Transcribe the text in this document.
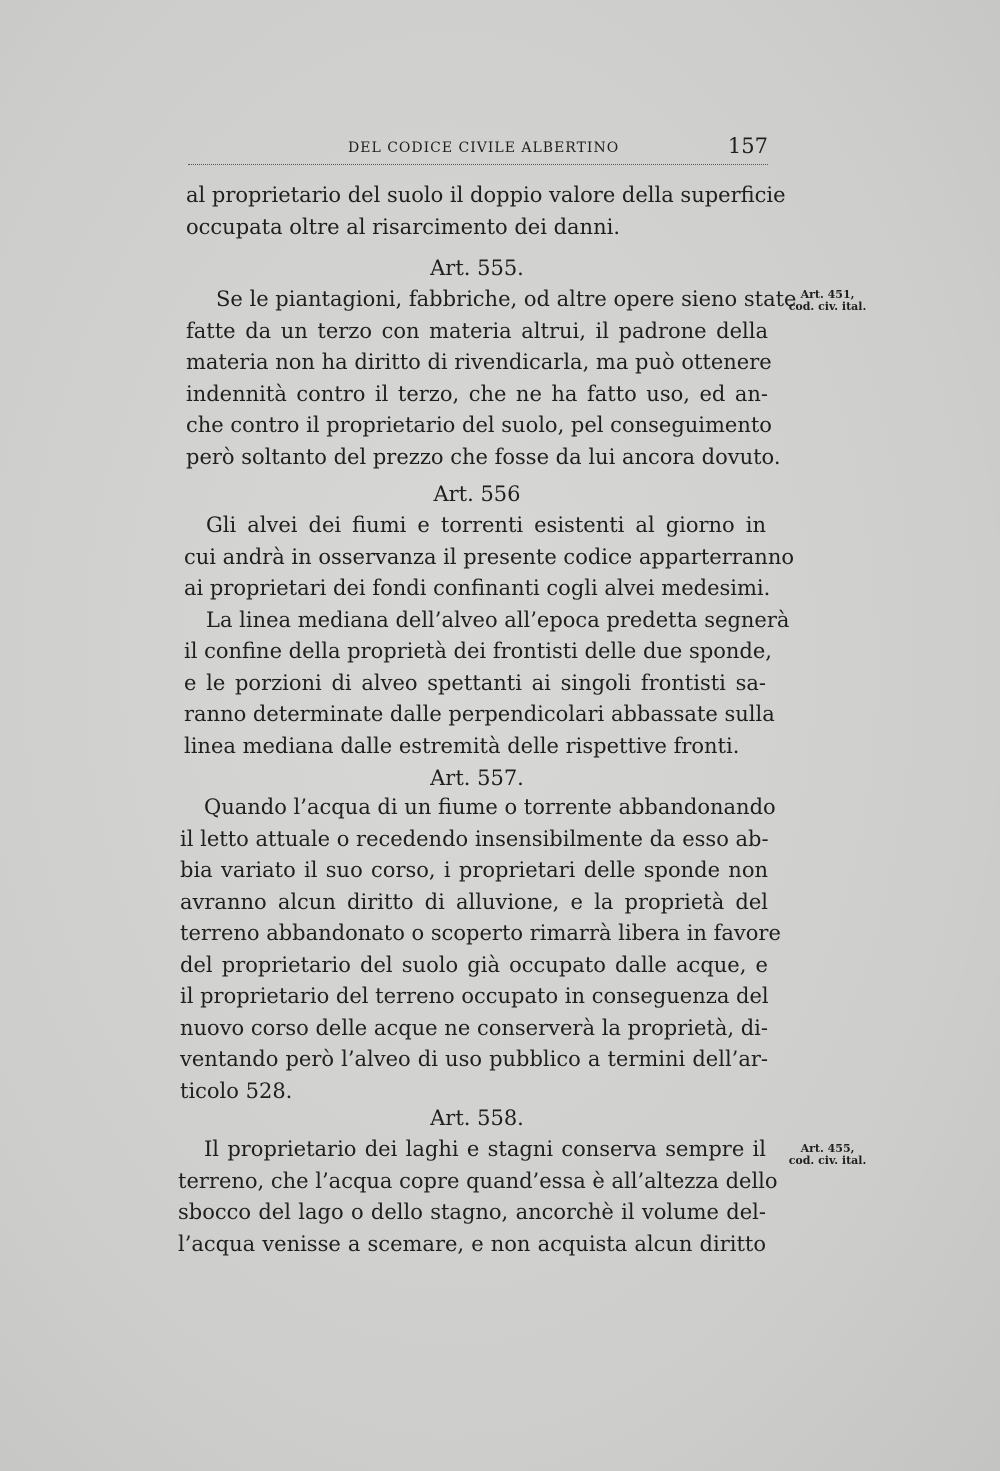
DEL CODICE CIVILE ALBERTINO	157
al proprietario del suolo il doppio valore della superficie
occupata oltre al risarcimento dei danni.
Art. 555.
Art. 451,
cod. civ. ital.
Se le piantagioni, fabbriche, od altre opere sieno state
fatte da un terzo con materia altrui, il padrone della
materia non ha diritto di rivendicarla, ma può ottenere
indennità contro il terzo, che ne ha fatto uso, ed an-
che contro il proprietario del suolo, pel conseguimento
però soltanto del prezzo che fosse da lui ancora dovuto.
Art. 556
Gli alvei dei fiumi e torrenti esistenti al giorno in
cui andrà in osservanza il presente codice apparterranno
ai proprietari dei fondi confinanti cogli alvei medesimi.
La linea mediana dell’alveo all’epoca predetta segnerà
il confine della proprietà dei frontisti delle due sponde,
e le porzioni di alveo spettanti ai singoli frontisti sa-
ranno determinate dalle perpendicolari abbassate sulla
linea mediana dalle estremità delle rispettive fronti.
Art. 557.
Quando l’acqua di un fiume o torrente abbandonando
il letto attuale o recedendo insensibilmente da esso ab-
bia variato il suo corso, i proprietari delle sponde non
avranno alcun diritto di alluvione, e la proprietà del
terreno abbandonato o scoperto rimarrà libera in favore
del proprietario del suolo già occupato dalle acque, e
il proprietario del terreno occupato in conseguenza del
nuovo corso delle acque ne conserverà la proprietà, di-
ventando però l’alveo di uso pubblico a termini dell’ar-
ticolo 528.
Art. 558.
Art. 455,
cod. civ. ital.
Il proprietario dei laghi e stagni conserva sempre il
terreno, che l’acqua copre quand’essa è all’altezza dello
sbocco del lago o dello stagno, ancorchè il volume del-
l’acqua venisse a scemare, e non acquista alcun diritto
